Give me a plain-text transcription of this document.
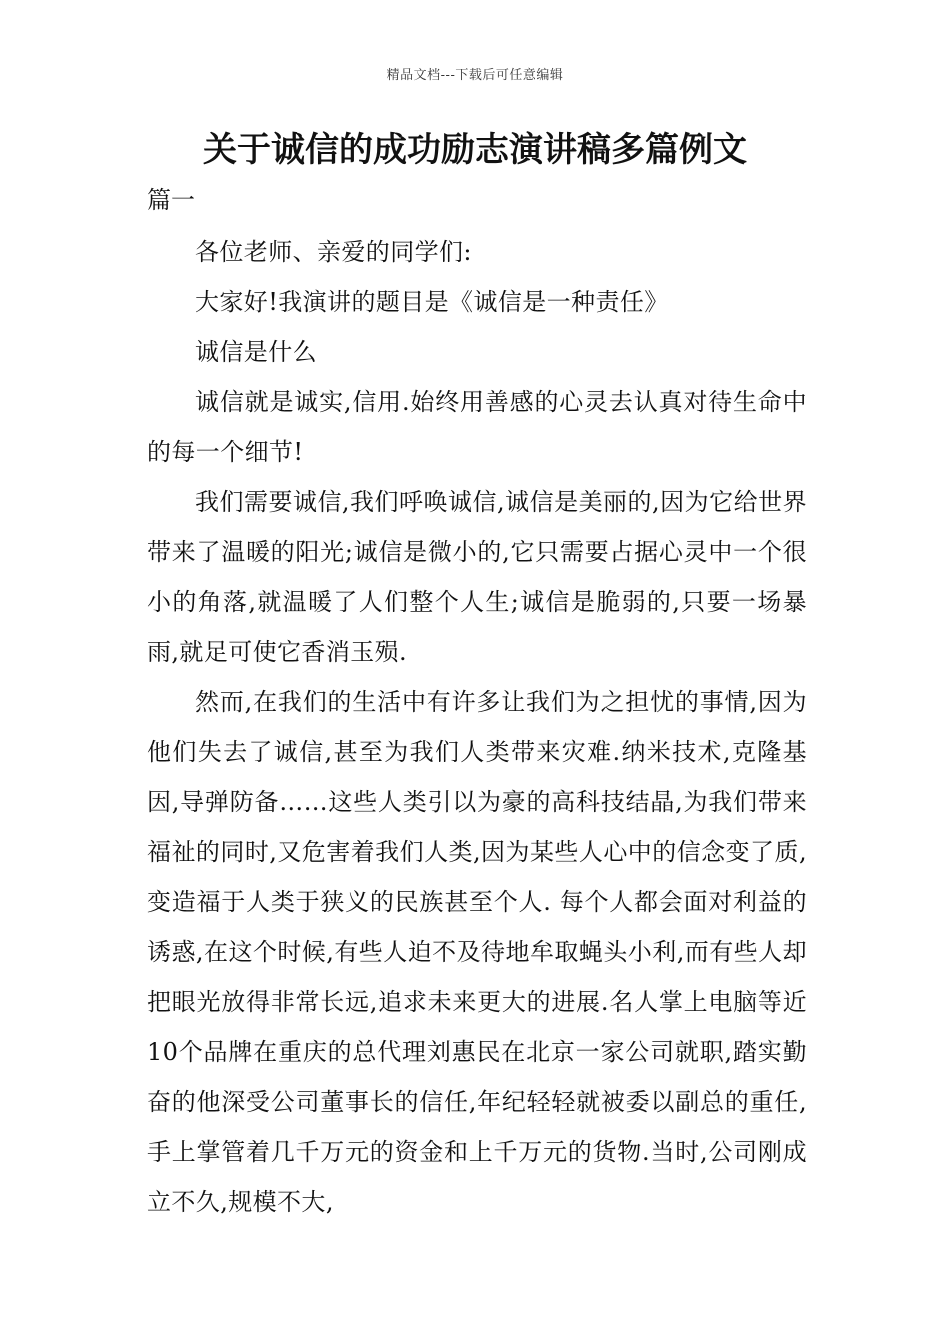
精品文档---下载后可任意编辑
关于诚信的成功励志演讲稿多篇例文
篇一

各位老师、亲爱的同学们:

大家好!我演讲的题目是《诚信是一种责任》

诚信是什么

诚信就是诚实,信用.始终用善感的心灵去认真对待生命中的每一个细节!

我们需要诚信,我们呼唤诚信,诚信是美丽的,因为它给世界带来了温暖的阳光;诚信是微小的,它只需要占据心灵中一个很小的角落,就温暖了人们整个人生;诚信是脆弱的,只要一场暴雨,就足可使它香消玉殒.

然而,在我们的生活中有许多让我们为之担忧的事情,因为他们失去了诚信,甚至为我们人类带来灾难.纳米技术,克隆基因,导弹防备……这些人类引以为豪的高科技结晶,为我们带来福祉的同时,又危害着我们人类,因为某些人心中的信念变了质,变造福于人类于狭义的民族甚至个人. 每个人都会面对利益的诱惑,在这个时候,有些人迫不及待地牟取蝇头小利,而有些人却把眼光放得非常长远,追求未来更大的进展.名人掌上电脑等近10个品牌在重庆的总代理刘惠民在北京一家公司就职,踏实勤奋的他深受公司董事长的信任,年纪轻轻就被委以副总的重任,手上掌管着几千万元的资金和上千万元的货物.当时,公司刚成立不久,规模不大,
